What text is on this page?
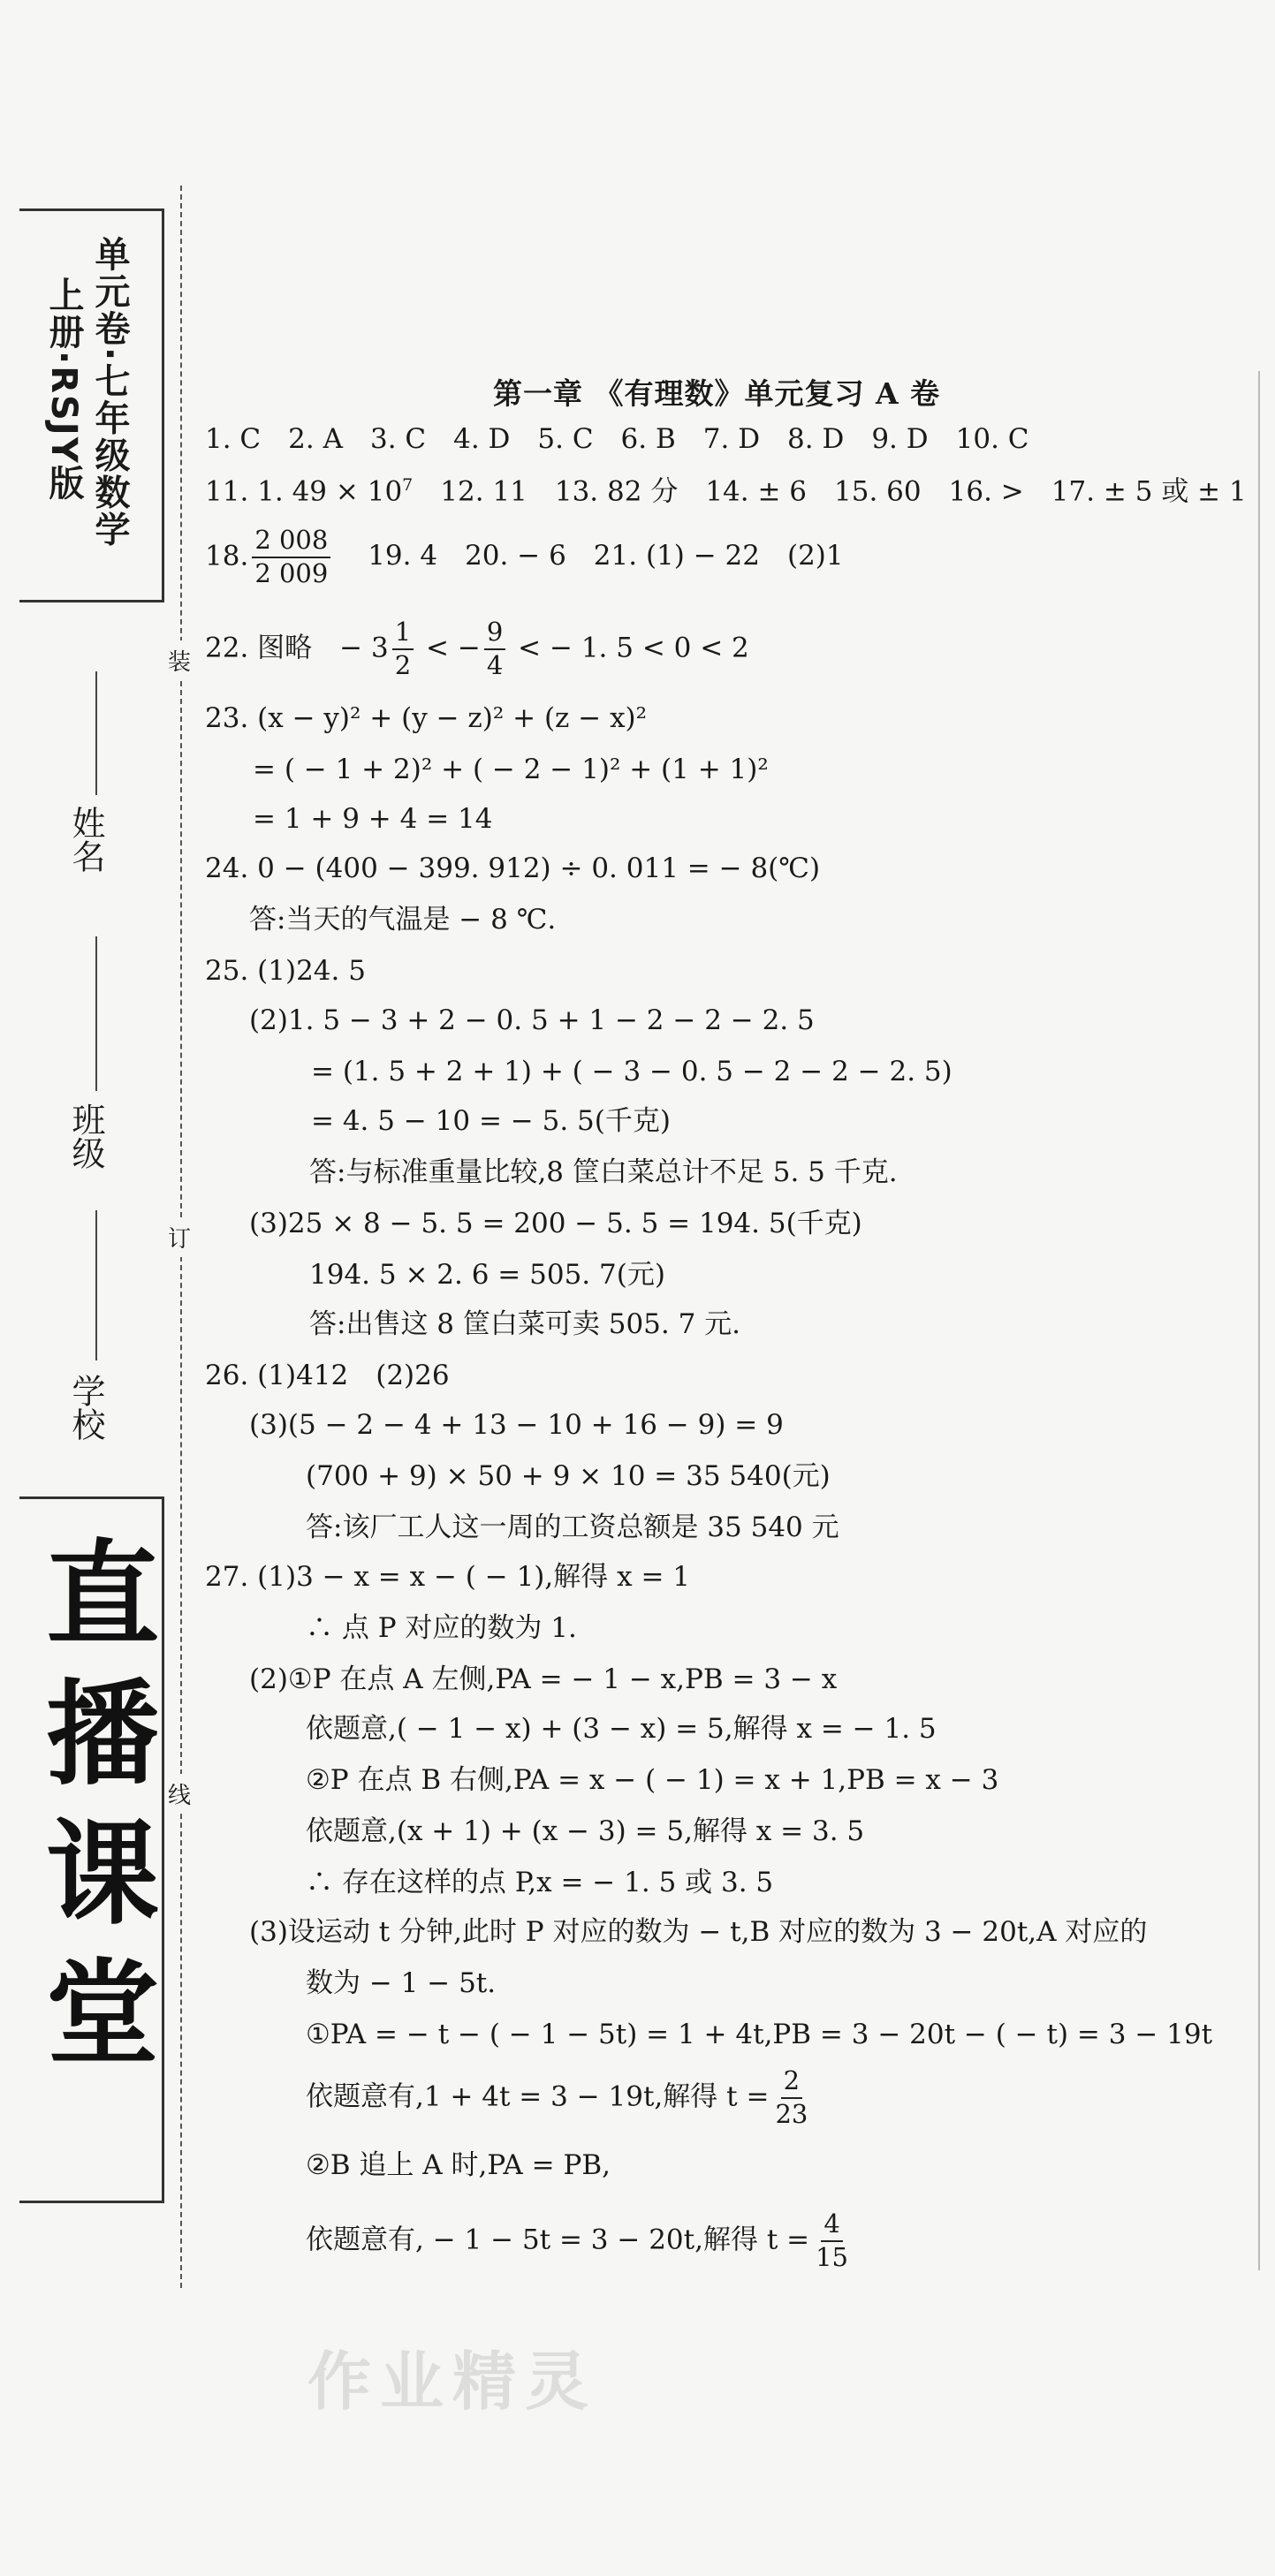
单元卷·七年级数学
上册·RSJY版
姓名
班级
学校
直播课堂
装
订
线
第一章 《有理数》单元复习 A 卷
1. C　2. A　3. C　4. D　5. C　6. B　7. D　8. D　9. D　10. C
11. 1. $49 \times 10^7$　12. 11　13. 82 分　14. ± 6　15. 60　16. >　17. ± 5 或 ± 1
18. $\frac{2 008}{2 009} 19$. 4　20. − 6　21. (1) − 22　(2)1
22. 图略　− $3 \frac{1}{2}$ < − $\frac{9}{4}$ < − 1. 5 < 0 < 2
23. (x − y)² + (y − z)² + (z − x)²
= ( − 1 + 2)² + ( − 2 − 1)² + (1 + 1)²
= 1 + 9 + 4 = 14
24. 0 − (400 − 399. 912) ÷ 0. 011 = − 8(℃)
答:当天的气温是 − 8 ℃.
25. (1)24. 5
(2)1. 5 − 3 + 2 − 0. 5 + 1 − 2 − 2 − 2. 5
= (1. 5 + 2 + 1) + ( − 3 − 0. 5 − 2 − 2 − 2. 5)
= 4. 5 − 10 = − 5. 5(千克)
答:与标准重量比较,8 筐白菜总计不足 5. 5 千克.
(3)25 × 8 − 5. 5 = 200 − 5. 5 = 194. 5(千克)
194. 5 × 2. 6 = 505. 7(元)
答:出售这 8 筐白菜可卖 505. 7 元.
26. (1)412　(2)26
(3)(5 − 2 − 4 + 13 − 10 + 16 − 9) = 9
(700 + 9) × 50 + 9 × 10 = 35 540(元)
答:该厂工人这一周的工资总额是 35 540 元
27. (1)3 − x = x − ( − 1),解得 x = 1
∴ 点 P 对应的数为 1.
(2)①P 在点 A 左侧,PA = − 1 − x,PB = 3 − x
依题意,( − 1 − x) + (3 − x) = 5,解得 x = − 1. 5
②P 在点 B 右侧,PA = x − ( − 1) = x + 1,PB = x − 3
依题意,(x + 1) + (x − 3) = 5,解得 x = 3. 5
∴ 存在这样的点 P,x = − 1. 5 或 3. 5
(3)设运动 t 分钟,此时 P 对应的数为 − t,B 对应的数为 3 − 20t,A 对应的
数为 − 1 − 5t.
①PA = − t − ( − 1 − 5t) = 1 + 4t,PB = 3 − 20t − ( − t) = 3 − 19t
依题意有,1 + 4t = 3 − 19t,解得 $t = \frac{2}{23}$
②B 追上 A 时,PA = PB,
依题意有, − 1 − 5t = 3 − 20t,解得 $t = \frac{4}{15}$
作业精灵
